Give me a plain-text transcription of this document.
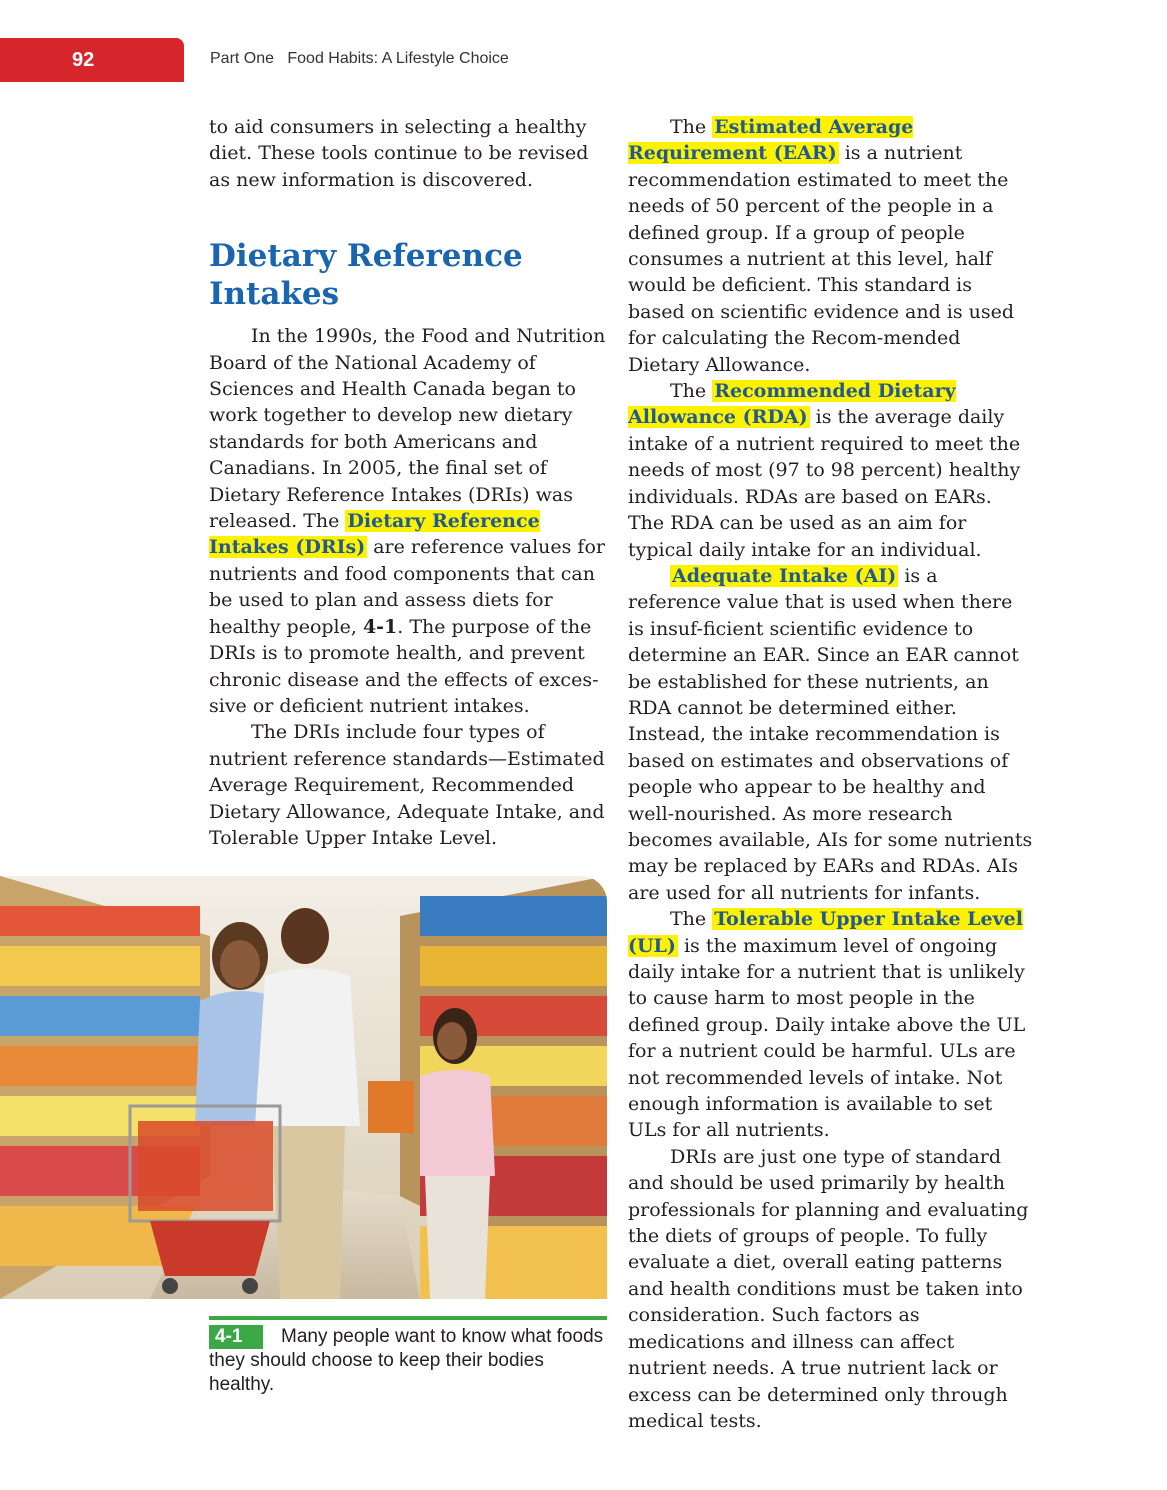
92	Part One   Food Habits: A Lifestyle Choice

to aid consumers in selecting a healthy diet. These tools continue to be revised as new information is discovered.

Dietary Reference Intakes

In the 1990s, the Food and Nutrition Board of the National Academy of Sciences and Health Canada began to work together to develop new dietary standards for both Americans and Canadians. In 2005, the final set of Dietary Reference Intakes (DRIs) was released. The Dietary Reference Intakes (DRIs) are reference values for nutrients and food components that can be used to plan and assess diets for healthy people, 4-1. The purpose of the DRIs is to promote health, and prevent chronic disease and the effects of exces-sive or deficient nutrient intakes.

The DRIs include four types of nutrient reference standards—Estimated Average Requirement, Recommended Dietary Allowance, Adequate Intake, and Tolerable Upper Intake Level.

4-1 Many people want to know what foods they should choose to keep their bodies healthy.

The Estimated Average Requirement (EAR) is a nutrient recommendation estimated to meet the needs of 50 percent of the people in a defined group. If a group of people consumes a nutrient at this level, half would be deficient. This standard is based on scientific evidence and is used for calculating the Recom-mended Dietary Allowance.

The Recommended Dietary Allowance (RDA) is the average daily intake of a nutrient required to meet the needs of most (97 to 98 percent) healthy individuals. RDAs are based on EARs. The RDA can be used as an aim for typical daily intake for an individual.

Adequate Intake (AI) is a reference value that is used when there is insuf-ficient scientific evidence to determine an EAR. Since an EAR cannot be established for these nutrients, an RDA cannot be determined either. Instead, the intake recommendation is based on estimates and observations of people who appear to be healthy and well-nourished. As more research becomes available, AIs for some nutrients may be replaced by EARs and RDAs. AIs are used for all nutrients for infants.

The Tolerable Upper Intake Level (UL) is the maximum level of ongoing daily intake for a nutrient that is unlikely to cause harm to most people in the defined group. Daily intake above the UL for a nutrient could be harmful. ULs are not recommended levels of intake. Not enough information is available to set ULs for all nutrients.

DRIs are just one type of standard and should be used primarily by health professionals for planning and evaluating the diets of groups of people. To fully evaluate a diet, overall eating patterns and health conditions must be taken into consideration. Such factors as medications and illness can affect nutrient needs. A true nutrient lack or excess can be determined only through medical tests.
